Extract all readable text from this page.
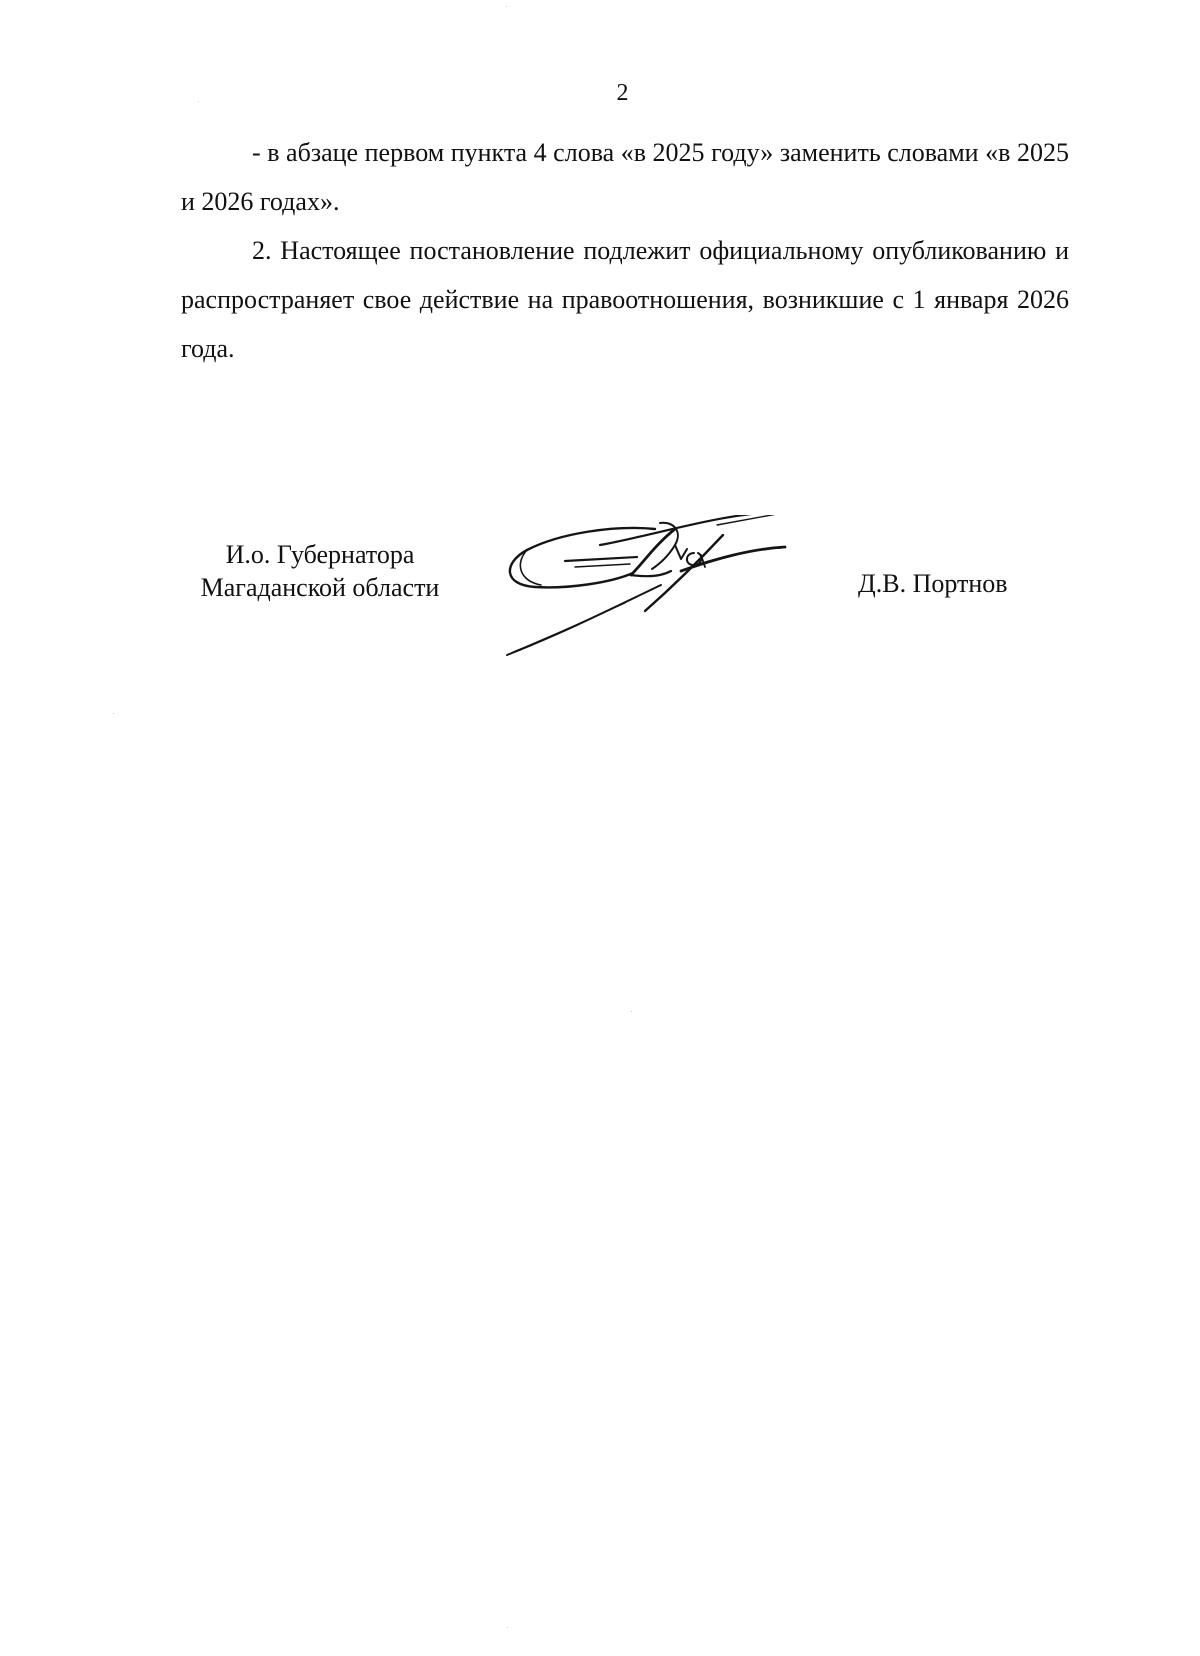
2

- в абзаце первом пункта 4 слова «в 2025 году» заменить словами «в 2025 и 2026 годах».

2. Настоящее постановление подлежит официальному опубликованию и распространяет свое действие на правоотношения, возникшие с 1 января 2026 года.

И.о. Губернатора
Магаданской области	Д.В. Портнов
